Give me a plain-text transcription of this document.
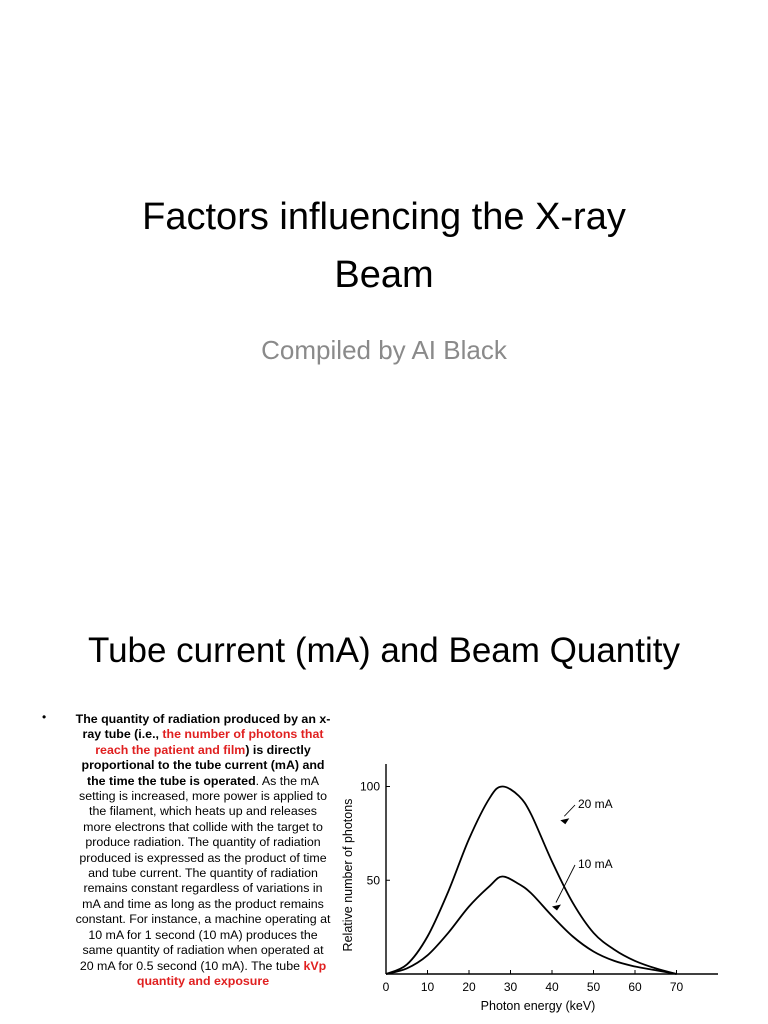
Factors influencing the X-ray
Beam
Compiled by AI Black
Tube current (mA) and Beam Quantity
• The quantity of radiation produced by an x-ray tube (i.e., the number of photons that reach the patient and film) is directly proportional to the tube current (mA) and the time the tube is operated. As the mA setting is increased, more power is applied to the filament, which heats up and releases more electrons that collide with the target to produce radiation. The quantity of radiation produced is expressed as the product of time and tube current. The quantity of radiation remains constant regardless of variations in mA and time as long as the product remains constant. For instance, a machine operating at 10 mA for 1 second (10 mA) produces the same quantity of radiation when operated at 20 mA for 0.5 second (10 mA). The tube kVp quantity and exposure	0	10 20 30 40 50 60 70
50
100
20 mA
10 mA
Photon energy (keV)
Relative number of photons
